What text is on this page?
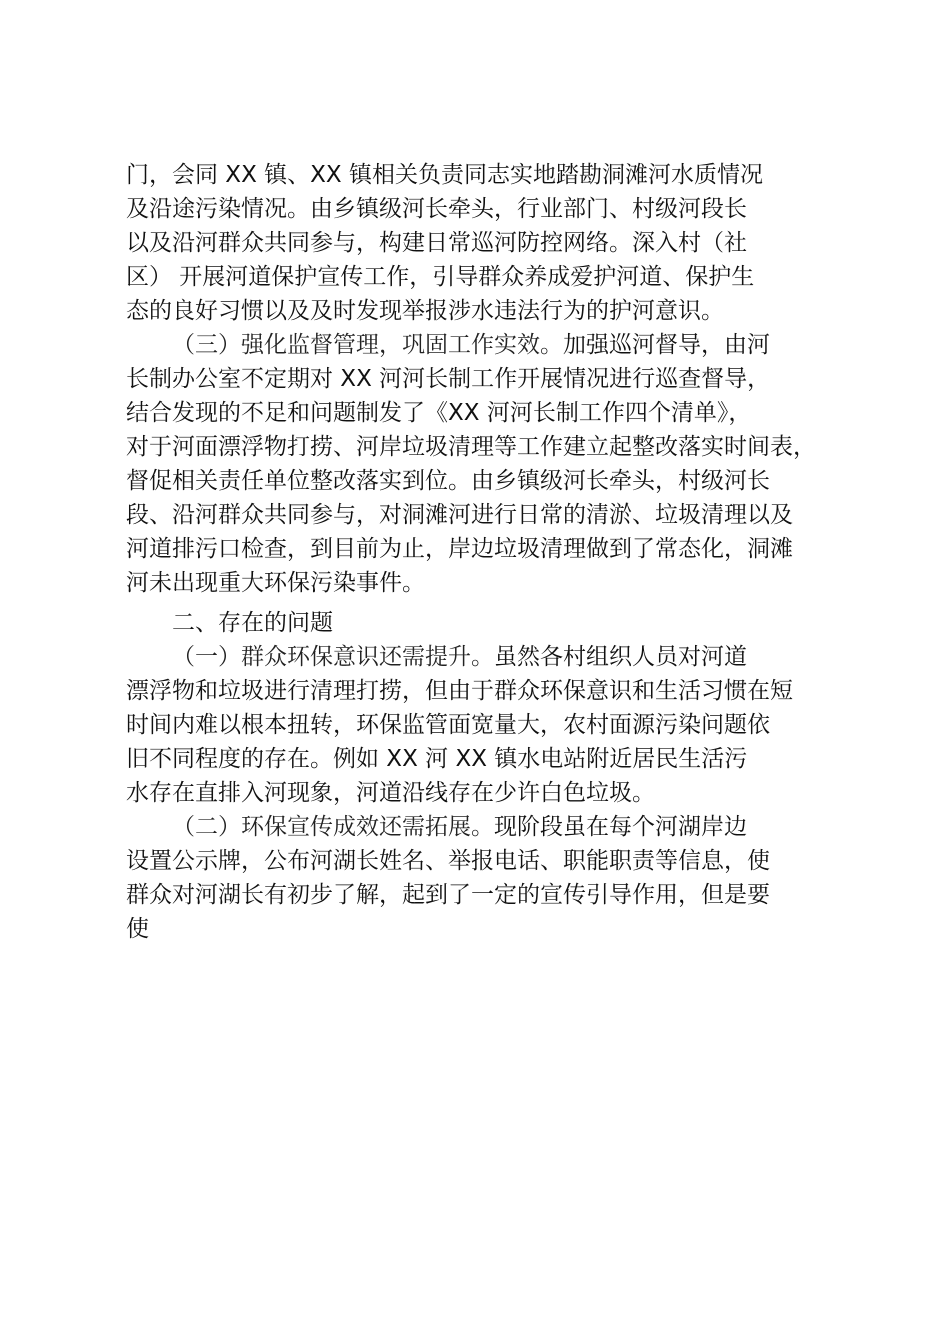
门，会同 XX 镇、XX 镇相关负责同志实地踏勘洞滩河水质情况
及沿途污染情况。由乡镇级河长牵头，行业部门、村级河段长
以及沿河群众共同参与，构建日常巡河防控网络。深入村（社
区） 开展河道保护宣传工作，引导群众养成爱护河道、保护生
态的良好习惯以及及时发现举报涉水违法行为的护河意识。
（三）强化监督管理，巩固工作实效。加强巡河督导，由河
长制办公室不定期对 XX 河河长制工作开展情况进行巡查督导，
结合发现的不足和问题制发了《XX 河河长制工作四个清单》，
对于河面漂浮物打捞、河岸垃圾清理等工作建立起整改落实时间表，
督促相关责任单位整改落实到位。由乡镇级河长牵头，村级河长
段、沿河群众共同参与，对洞滩河进行日常的清淤、垃圾清理以及
河道排污口检查，到目前为止，岸边垃圾清理做到了常态化，洞滩
河未出现重大环保污染事件。
二、存在的问题
（一）群众环保意识还需提升。虽然各村组织人员对河道
漂浮物和垃圾进行清理打捞，但由于群众环保意识和生活习惯在短
时间内难以根本扭转，环保监管面宽量大，农村面源污染问题依
旧不同程度的存在。例如 XX 河 XX 镇水电站附近居民生活污
水存在直排入河现象，河道沿线存在少许白色垃圾。
（二）环保宣传成效还需拓展。现阶段虽在每个河湖岸边
设置公示牌，公布河湖长姓名、举报电话、职能职责等信息，使
群众对河湖长有初步了解，起到了一定的宣传引导作用，但是要
使
